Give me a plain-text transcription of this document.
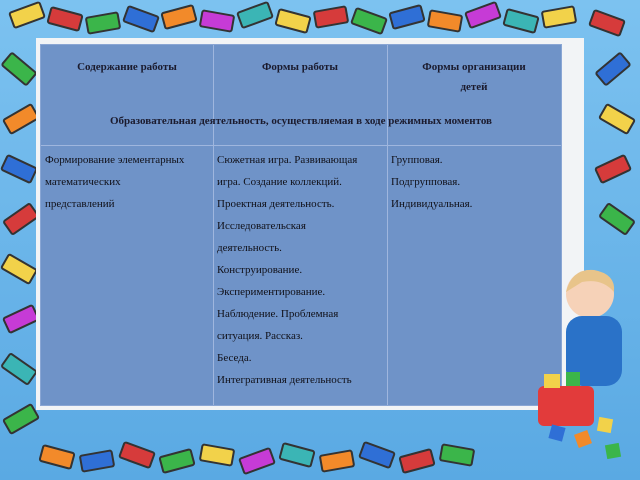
Содержание работы	Формы работы	Формы организации
детей
Образовательная деятельность, осуществляемая в ходе режимных моментов
Формирование элементарных
математических
представлений
Сюжетная игра. Развивающая
игра. Создание коллекций.
Проектная деятельность.
Исследовательская
деятельность.
Конструирование.
Экспериментирование.
Наблюдение. Проблемная
ситуация. Рассказ.
Беседа.
Интегративная деятельность
Групповая.
Подгрупповая.
Индивидуальная.
